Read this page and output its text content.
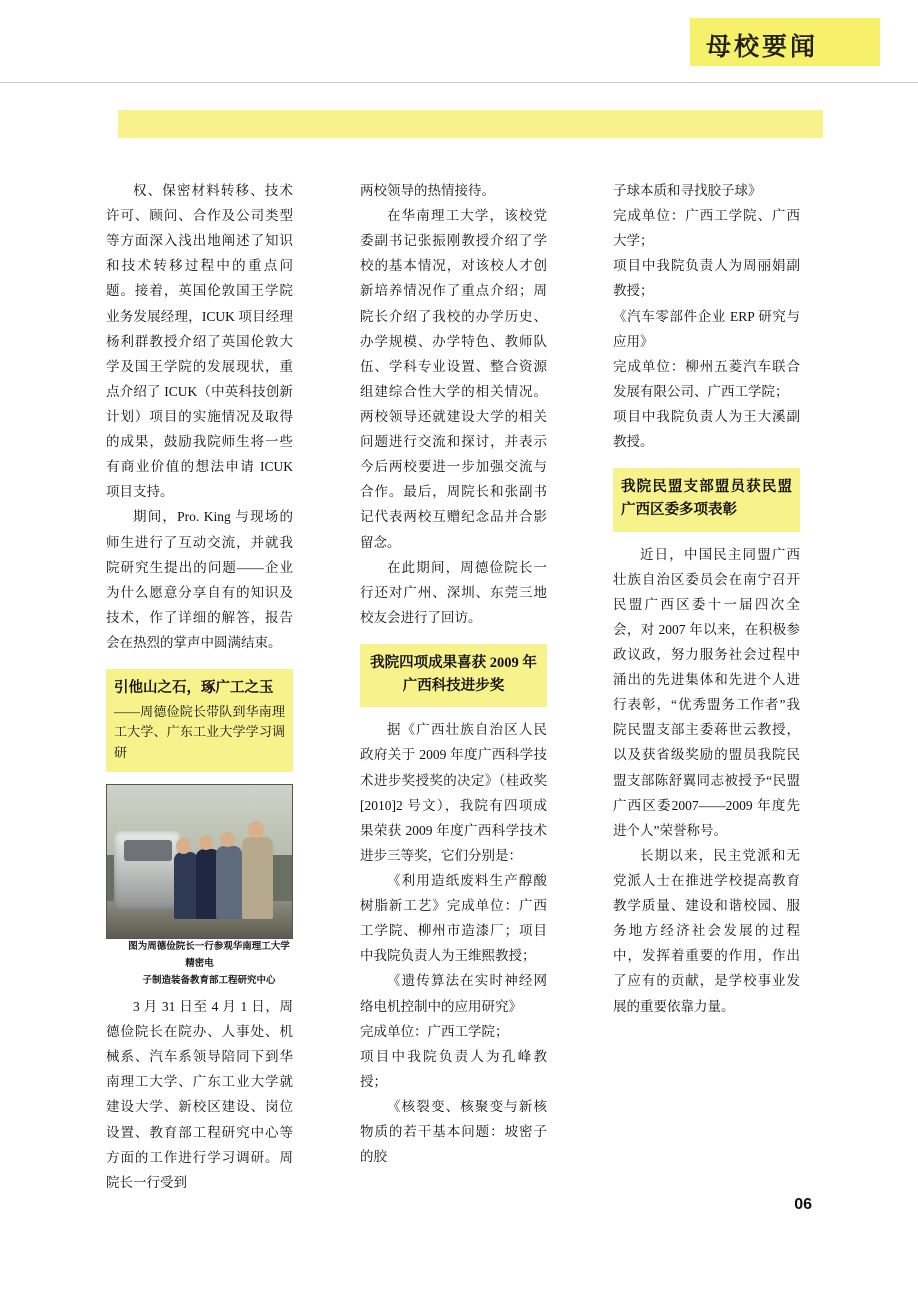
母校要闻

权、保密材料转移、技术许可、顾问、合作及公司类型等方面深入浅出地阐述了知识和技术转移过程中的重点问题。接着，英国伦敦国王学院业务发展经理，ICUK 项目经理杨利群教授介绍了英国伦敦大学及国王学院的发展现状，重点介绍了 ICUK（中英科技创新计划）项目的实施情况及取得的成果，鼓励我院师生将一些有商业价值的想法申请 ICUK 项目支持。

期间，Pro. King 与现场的师生进行了互动交流，并就我院研究生提出的问题——企业为什么愿意分享自有的知识及技术，作了详细的解答，报告会在热烈的掌声中圆满结束。

引他山之石，琢广工之玉
——周德俭院长带队到华南理工大学、广东工业大学学习调研

图为周德俭院长一行参观华南理工大学精密电

子制造装备教育部工程研究中心

3 月 31 日至 4 月 1 日，周德俭院长在院办、人事处、机械系、汽车系领导陪同下到华南理工大学、广东工业大学就建设大学、新校区建设、岗位设置、教育部工程研究中心等方面的工作进行学习调研。周院长一行受到

两校领导的热情接待。

在华南理工大学，该校党委副书记张振刚教授介绍了学校的基本情况，对该校人才创新培养情况作了重点介绍；周院长介绍了我校的办学历史、办学规模、办学特色、教师队伍、学科专业设置、整合资源组建综合性大学的相关情况。两校领导还就建设大学的相关问题进行交流和探讨，并表示今后两校要进一步加强交流与合作。最后，周院长和张副书记代表两校互赠纪念品并合影留念。

在此期间，周德俭院长一行还对广州、深圳、东莞三地校友会进行了回访。

我院四项成果喜获 2009 年广西科技进步奖

据《广西壮族自治区人民政府关于 2009 年度广西科学技术进步奖授奖的决定》（桂政奖[2010]2 号文），我院有四项成果荣获 2009 年度广西科学技术进步三等奖，它们分别是：

《利用造纸废料生产醇酸树脂新工艺》完成单位：广西工学院、柳州市造漆厂；项目中我院负责人为王维熙教授；

《遗传算法在实时神经网络电机控制中的应用研究》

完成单位：广西工学院；

项目中我院负责人为孔峰教授；

《核裂变、核聚变与新核物质的若干基本问题：坡密子的胶

子球本质和寻找胶子球》

完成单位：广西工学院、广西大学；

项目中我院负责人为周丽娟副教授；

《汽车零部件企业 ERP 研究与应用》

完成单位：柳州五菱汽车联合发展有限公司、广西工学院；

项目中我院负责人为王大溪副教授。

我院民盟支部盟员获民盟广西区委多项表彰

近日，中国民主同盟广西壮族自治区委员会在南宁召开民盟广西区委十一届四次全会，对 2007 年以来，在积极参政议政，努力服务社会过程中涌出的先进集体和先进个人进行表彰，“优秀盟务工作者”我院民盟支部主委蒋世云教授，以及获省级奖励的盟员我院民盟支部陈舒翼同志被授予“民盟广西区委2007——2009 年度先进个人”荣誉称号。

长期以来，民主党派和无党派人士在推进学校提高教育教学质量、建设和谐校园、服务地方经济社会发展的过程中，发挥着重要的作用，作出了应有的贡献，是学校事业发展的重要依靠力量。

06
